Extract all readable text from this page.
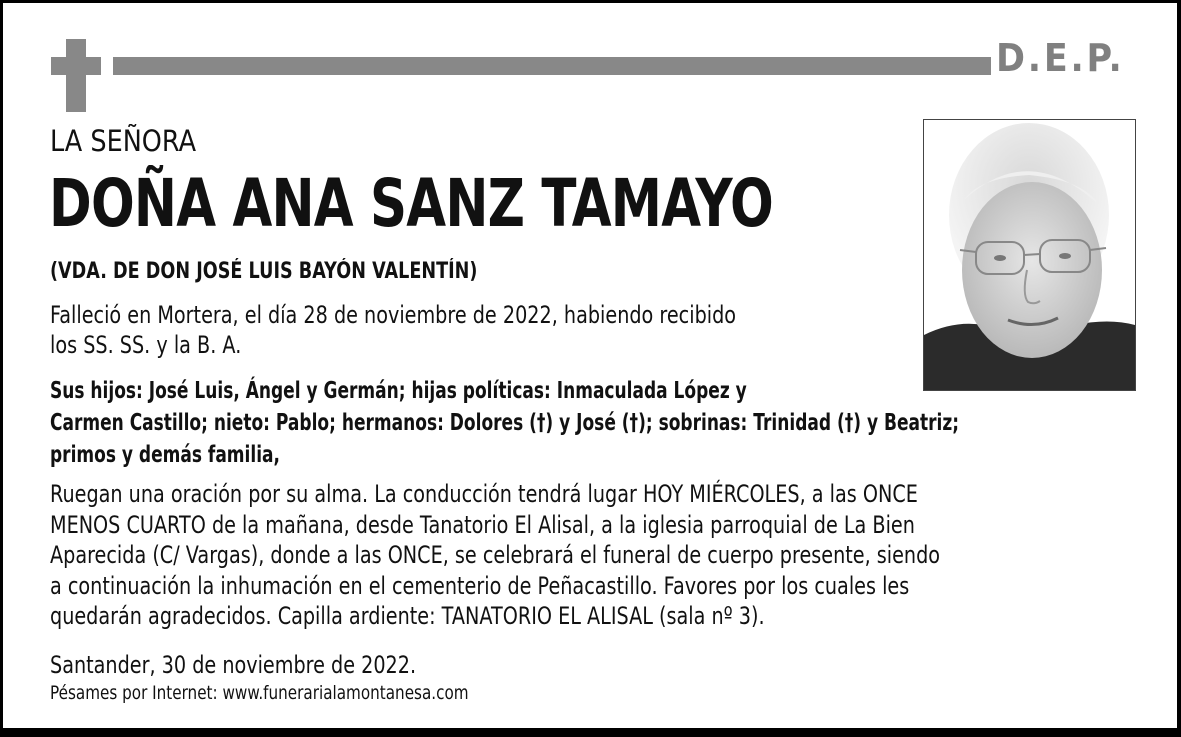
D.E.P.
LA SEÑORA
DOÑA ANA SANZ TAMAYO
(VDA. DE DON JOSÉ LUIS BAYÓN VALENTÍN)
Falleció en Mortera, el día 28 de noviembre de 2022, habiendo recibido
los SS. SS. y la B. A.
Sus hijos: José Luis, Ángel y Germán; hijas políticas: Inmaculada López y
Carmen Castillo; nieto: Pablo; hermanos: Dolores (†) y José (†); sobrinas: Trinidad (†) y Beatriz;
primos y demás familia,
Ruegan una oración por su alma. La conducción tendrá lugar HOY MIÉRCOLES, a las ONCE
MENOS CUARTO de la mañana, desde Tanatorio El Alisal, a la iglesia parroquial de La Bien
Aparecida (C/ Vargas), donde a las ONCE, se celebrará el funeral de cuerpo presente, siendo
a continuación la inhumación en el cementerio de Peñacastillo. Favores por los cuales les
quedarán agradecidos. Capilla ardiente: TANATORIO EL ALISAL (sala nº 3).
Santander, 30 de noviembre de 2022.
Pésames por Internet: www.funerarialamontanesa.com
